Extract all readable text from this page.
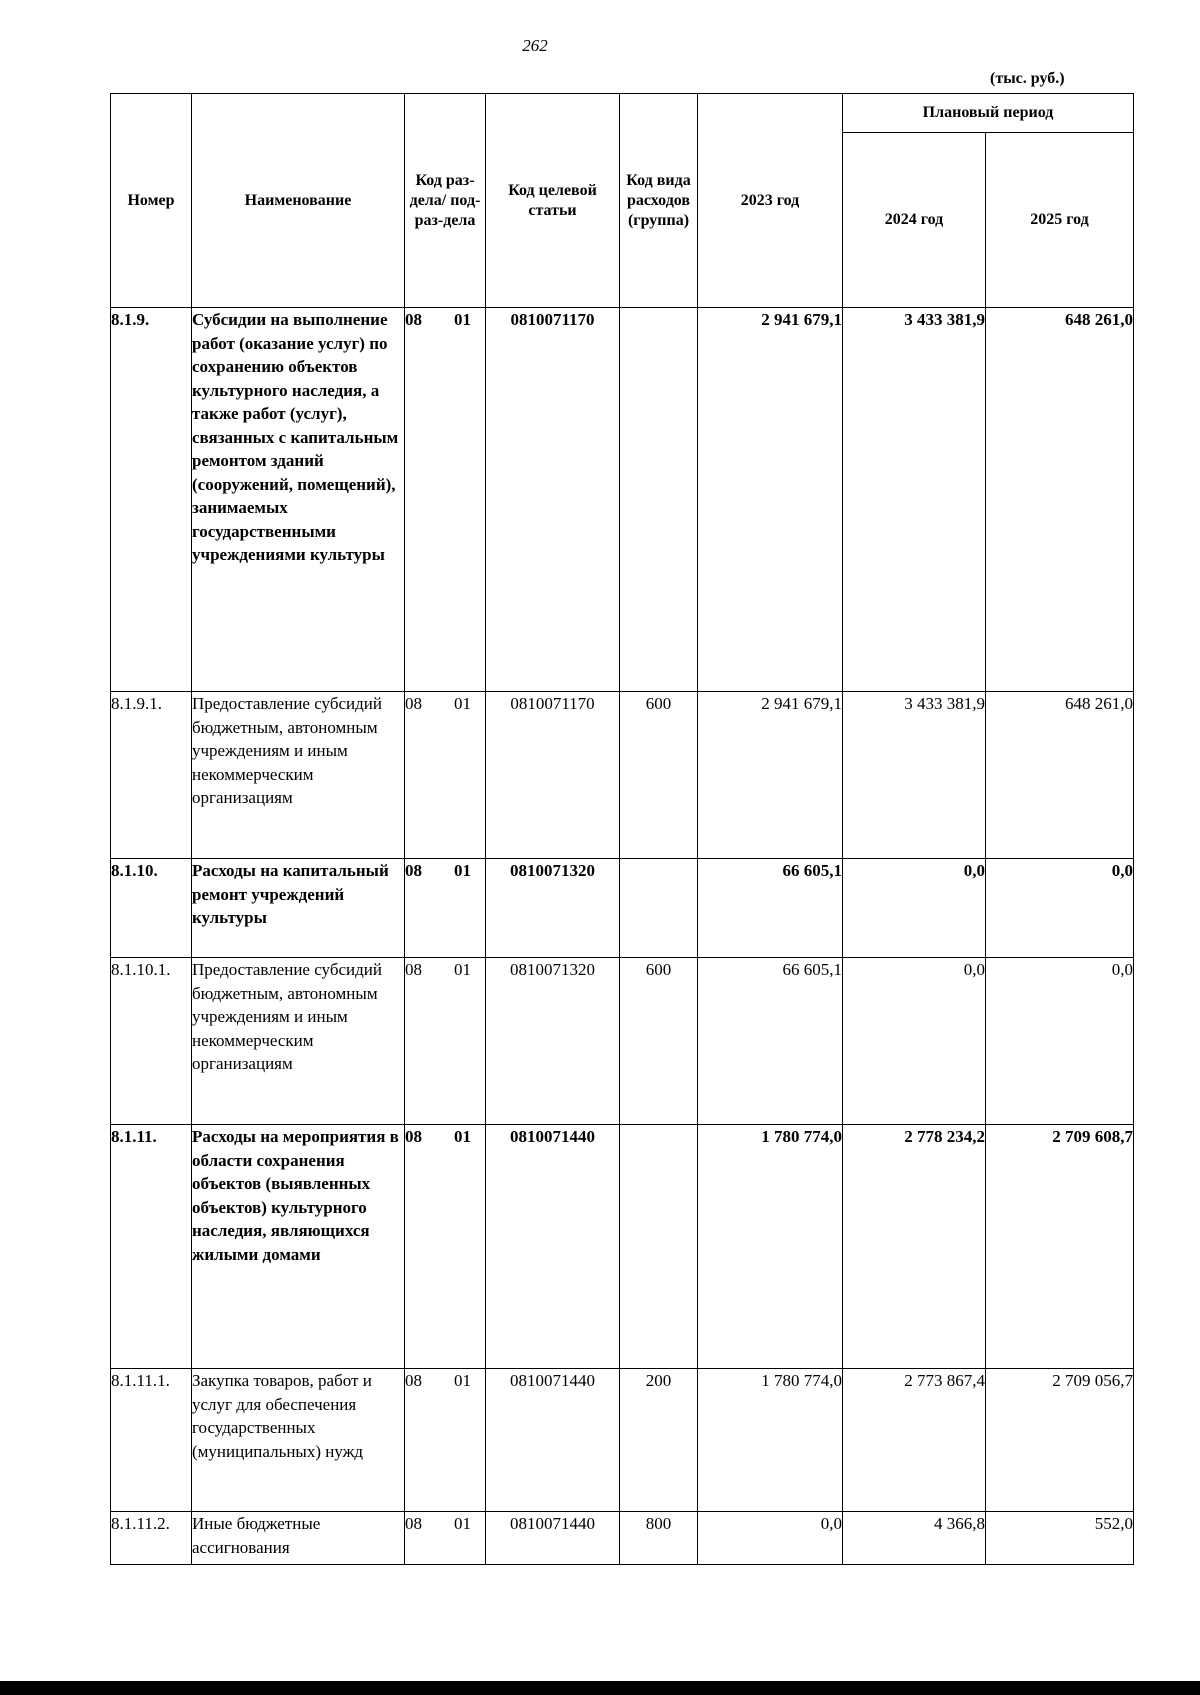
262
(тыс. руб.)
Номер	Наименование	Код раз-дела/ под-раз-дела	Код целевой статьи	Код вида расходов (группа)	2023 год	Плановый период	
						2024 год	2025 год
8.1.9.	Субсидии на выполнение работ (оказание услуг) по сохранению объектов культурного наследия, а также работ (услуг), связанных с капитальным ремонтом зданий (сооружений, помещений), занимаемых государственными учреждениями культуры	08 01	0810071170		2 941 679,1	3 433 381,9	648 261,0
8.1.9.1.	Предоставление субсидий бюджетным, автономным учреждениям и иным некоммерческим организациям	08 01	0810071170	600	2 941 679,1	3 433 381,9	648 261,0
8.1.10.	Расходы на капитальный ремонт учреждений культуры	08 01	0810071320		66 605,1	0,0	0,0
8.1.10.1.	Предоставление субсидий бюджетным, автономным учреждениям и иным некоммерческим организациям	08 01	0810071320	600	66 605,1	0,0	0,0
8.1.11.	Расходы на мероприятия в области сохранения объектов (выявленных объектов) культурного наследия, являющихся жилыми домами	08 01	0810071440		1 780 774,0	2 778 234,2	2 709 608,7
8.1.11.1.	Закупка товаров, работ и услуг для обеспечения государственных (муниципальных) нужд	08 01	0810071440	200	1 780 774,0	2 773 867,4	2 709 056,7
8.1.11.2.	Иные бюджетные ассигнования	08 01	0810071440	800	0,0	4 366,8	552,0
